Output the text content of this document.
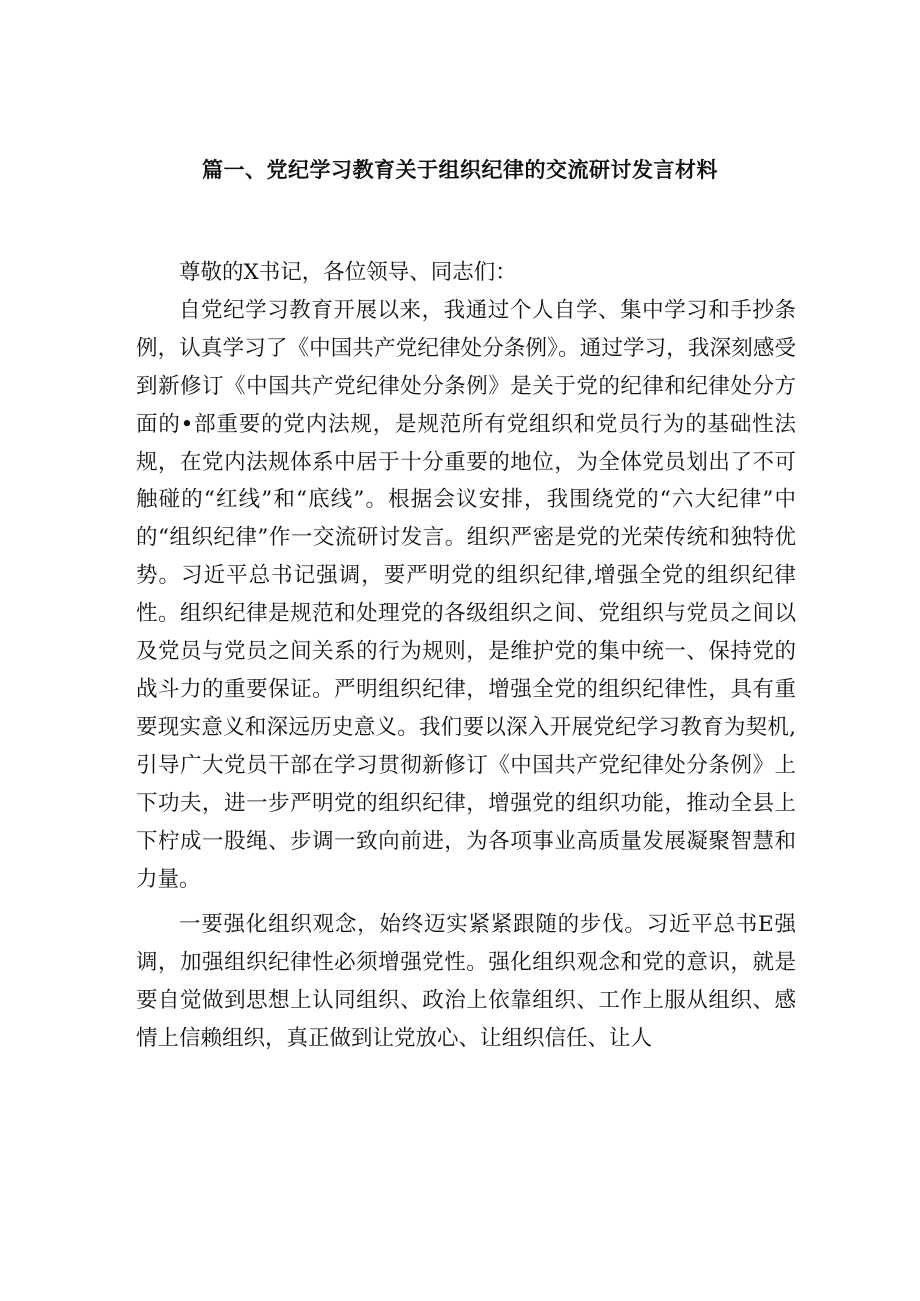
篇一、党纪学习教育关于组织纪律的交流研讨发言材料

尊敬的X书记，各位领导、同志们：

自党纪学习教育开展以来，我通过个人自学、集中学习和手抄条例，认真学习了《中国共产党纪律处分条例》。通过学习，我深刻感受到新修订《中国共产党纪律处分条例》是关于党的纪律和纪律处分方面的•部重要的党内法规，是规范所有党组织和党员行为的基础性法规，在党内法规体系中居于十分重要的地位，为全体党员划出了不可触碰的“红线”和“底线”。根据会议安排，我围绕党的“六大纪律”中的“组织纪律”作一交流研讨发言。组织严密是党的光荣传统和独特优势。习近平总书记强调，要严明党的组织纪律,增强全党的组织纪律性。组织纪律是规范和处理党的各级组织之间、党组织与党员之间以及党员与党员之间关系的行为规则，是维护党的集中统一、保持党的战斗力的重要保证。严明组织纪律，增强全党的组织纪律性，具有重要现实意义和深远历史意义。我们要以深入开展党纪学习教育为契机,引导广大党员干部在学习贯彻新修订《中国共产党纪律处分条例》上下功夫，进一步严明党的组织纪律，增强党的组织功能，推动全县上下柠成一股绳、步调一致向前进，为各项事业高质量发展凝聚智慧和力量。

一要强化组织观念，始终迈实紧紧跟随的步伐。习近平总书E强调，加强组织纪律性必须增强党性。强化组织观念和党的意识，就是要自觉做到思想上认同组织、政治上依靠组织、工作上服从组织、感情上信赖组织，真正做到让党放心、让组织信任、让人
